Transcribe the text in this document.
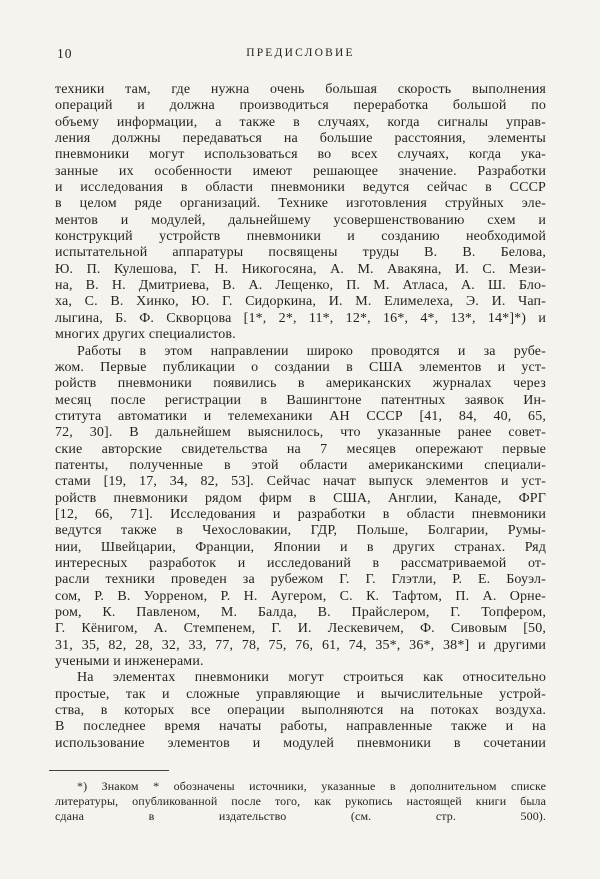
10	ПРЕДИСЛОВИЕ
техники там, где нужна очень большая скорость выполнения
операций и должна производиться переработка большой по
объему информации, а также в случаях, когда сигналы управ-
ления должны передаваться на большие расстояния, элементы
пневмоники могут использоваться во всех случаях, когда ука-
занные их особенности имеют решающее значение. Разработки
и исследования в области пневмоники ведутся сейчас в СССР
в целом ряде организаций. Технике изготовления струйных эле-
ментов и модулей, дальнейшему усовершенствованию схем и
конструкций устройств пневмоники и созданию необходимой
испытательной аппаратуры посвящены труды В. В. Белова,
Ю. П. Кулешова, Г. Н. Никогосяна, А. М. Авакяна, И. С. Мези-
на, В. Н. Дмитриева, В. А. Лещенко, П. М. Атласа, А. Ш. Бло-
ха, С. В. Хинко, Ю. Г. Сидоркина, И. М. Елимелеха, Э. И. Чап-
лыгина, Б. Ф. Скворцова [1*, 2*, 11*, 12*, 16*, 4*, 13*, 14*]*) и
многих других специалистов.
Работы в этом направлении широко проводятся и за рубе-
жом. Первые публикации о создании в США элементов и уст-
ройств пневмоники появились в американских журналах через
месяц после регистрации в Вашингтоне патентных заявок Ин-
ститута автоматики и телемеханики АН СССР [41, 84, 40, 65,
72, 30]. В дальнейшем выяснилось, что указанные ранее совет-
ские авторские свидетельства на 7 месяцев опережают первые
патенты, полученные в этой области американскими специали-
стами [19, 17, 34, 82, 53]. Сейчас начат выпуск элементов и уст-
ройств пневмоники рядом фирм в США, Англии, Канаде, ФРГ
[12, 66, 71]. Исследования и разработки в области пневмоники
ведутся также в Чехословакии, ГДР, Польше, Болгарии, Румы-
нии, Швейцарии, Франции, Японии и в других странах. Ряд
интересных разработок и исследований в рассматриваемой от-
расли техники проведен за рубежом Г. Г. Глэтли, Р. Е. Боуэл-
сом, Р. В. Уорреном, Р. Н. Аугером, С. К. Тафтом, П. А. Орне-
ром, К. Павленом, М. Балда, В. Прайслером, Г. Топфером,
Г. Кёнигом, А. Стемпенем, Г. И. Лескевичем, Ф. Сивовым [50,
31, 35, 82, 28, 32, 33, 77, 78, 75, 76, 61, 74, 35*, 36*, 38*] и другими
учеными и инженерами.
На элементах пневмоники могут строиться как относительно
простые, так и сложные управляющие и вычислительные устрой-
ства, в которых все операции выполняются на потоках воздуха.
В последнее время начаты работы, направленные также и на
использование элементов и модулей пневмоники в сочетании
*) Знаком * обозначены источники, указанные в дополнительном списке
литературы, опубликованной после того, как рукопись настоящей книги была
сдана в издательство (см. стр. 500).
